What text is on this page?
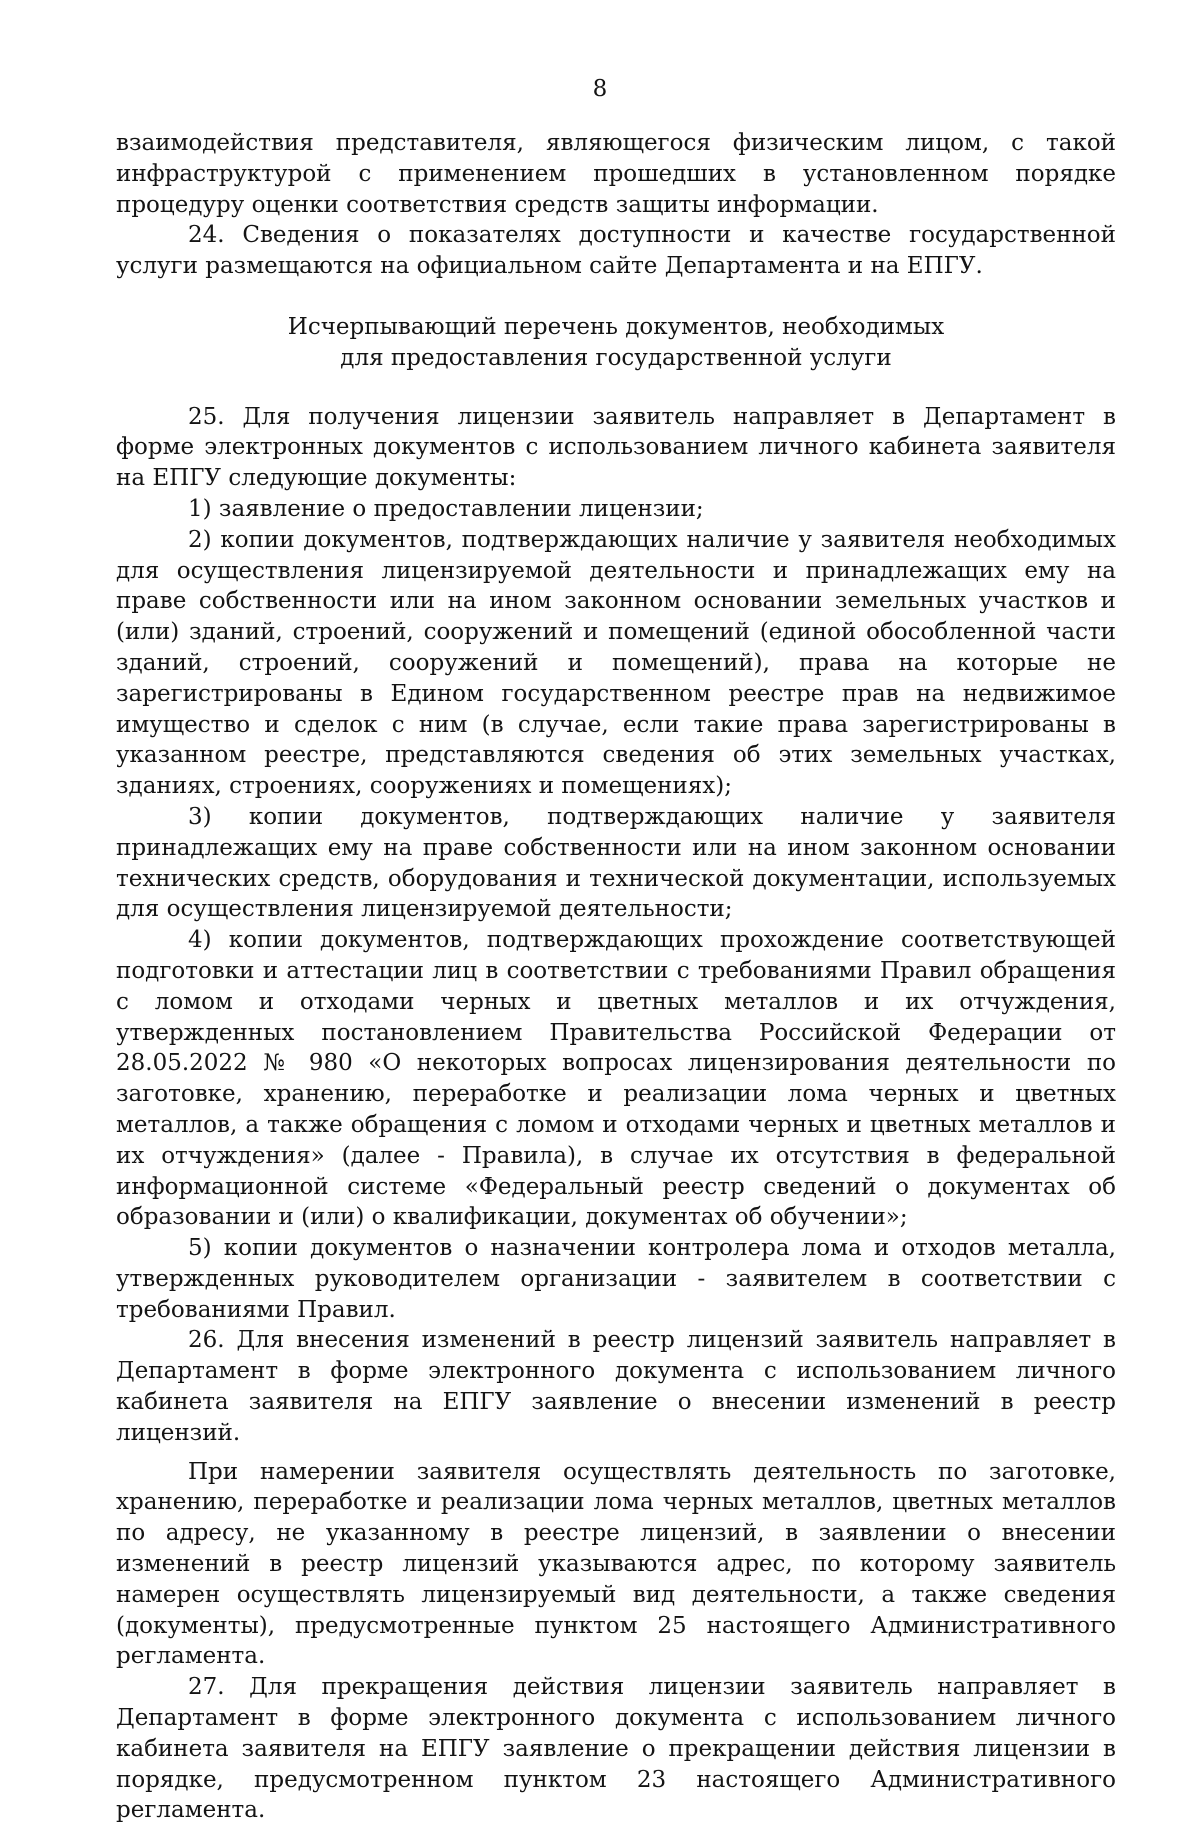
8

взаимодействия представителя, являющегося физическим лицом, с такой инфраструктурой с применением прошедших в установленном порядке процедуру оценки соответствия средств защиты информации.

24. Сведения о показателях доступности и качестве государственной услуги размещаются на официальном сайте Департамента и на ЕПГУ.

Исчерпывающий перечень документов, необходимых
для предоставления государственной услуги

25. Для получения лицензии заявитель направляет в Департамент в форме электронных документов с использованием личного кабинета заявителя на ЕПГУ следующие документы:

1) заявление о предоставлении лицензии;

2) копии документов, подтверждающих наличие у заявителя необходимых для осуществления лицензируемой деятельности и принадлежащих ему на праве собственности или на ином законном основании земельных участков и (или) зданий, строений, сооружений и помещений (единой обособленной части зданий, строений, сооружений и помещений), права на которые не зарегистрированы в Едином государственном реестре прав на недвижимое имущество и сделок с ним (в случае, если такие права зарегистрированы в указанном реестре, представляются сведения об этих земельных участках, зданиях, строениях, сооружениях и помещениях);

3) копии документов, подтверждающих наличие у заявителя принадлежащих ему на праве собственности или на ином законном основании технических средств, оборудования и технической документации, используемых для осуществления лицензируемой деятельности;

4) копии документов, подтверждающих прохождение соответствующей подготовки и аттестации лиц в соответствии с требованиями Правил обращения с ломом и отходами черных и цветных металлов и их отчуждения, утвержденных постановлением Правительства Российской Федерации от 28.05.2022 № 980 «О некоторых вопросах лицензирования деятельности по заготовке, хранению, переработке и реализации лома черных и цветных металлов, а также обращения с ломом и отходами черных и цветных металлов и их отчуждения» (далее - Правила), в случае их отсутствия в федеральной информационной системе «Федеральный реестр сведений о документах об образовании и (или) о квалификации, документах об обучении»;

5) копии документов о назначении контролера лома и отходов металла, утвержденных руководителем организации - заявителем в соответствии с требованиями Правил.

26. Для внесения изменений в реестр лицензий заявитель направляет в Департамент в форме электронного документа с использованием личного кабинета заявителя на ЕПГУ заявление о внесении изменений в реестр лицензий.

При намерении заявителя осуществлять деятельность по заготовке, хранению, переработке и реализации лома черных металлов, цветных металлов по адресу, не указанному в реестре лицензий, в заявлении о внесении изменений в реестр лицензий указываются адрес, по которому заявитель намерен осуществлять лицензируемый вид деятельности, а также сведения (документы), предусмотренные пунктом 25 настоящего Административного регламента.

27. Для прекращения действия лицензии заявитель направляет в Департамент в форме электронного документа с использованием личного кабинета заявителя на ЕПГУ заявление о прекращении действия лицензии в порядке, предусмотренном пунктом 23 настоящего Административного регламента.
